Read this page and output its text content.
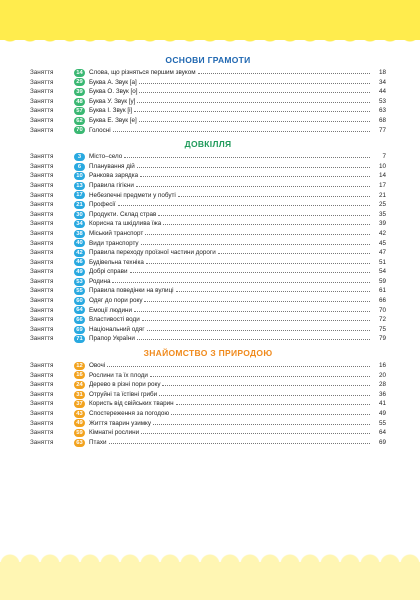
ОСНОВИ ГРАМОТИ
Заняття	14 Слова, що різняться першим звуком	18
Заняття	29 Буква А. Звук [а]	34
Заняття	39 Буква О. Звук [о]	44
Заняття	48 Буква У. Звук [у]	53
Заняття	57 Буква І. Звук [і]	63
Заняття	62 Буква Е. Звук [е]	68
Заняття	70 Голосні	77
ДОВКІЛЛЯ
Заняття	3	Місто–село	7
Заняття	6	Планування дій	10
Заняття	10 Ранкова зарядка	14
Заняття	13 Правила гігієни	17
Заняття	17 Небезпечні предмети у побуті	21
Заняття	21 Професії	25
Заняття	30 Продукти. Склад страв	35
Заняття	34 Корисна та шкідлива їжа	39
Заняття	38 Міський транспорт	42
Заняття	40 Види транспорту	45
Заняття	42 Правила переходу проїзної частини дороги	47
Заняття	46 Будівельна техніка	51
Заняття	49 Добрі справи	54
Заняття	53 Родина	59
Заняття	55 Правила поведінки на вулиці	61
Заняття	60 Одяг до пори року	66
Заняття	64 Емоції людини	70
Заняття	66 Властивості води	72
Заняття	69 Національний одяг	75
Заняття	71 Прапор України	79
ЗНАЙОМСТВО З ПРИРОДОЮ
Заняття	12 Овочі	16
Заняття	16 Рослини та їх плоди	20
Заняття	24 Дерево в різні пори року	28
Заняття	31 Отруйні та їстівні гриби	36
Заняття	37 Користь від свійських тварин	41
Заняття	43 Спостереження за погодою	49
Заняття	49 Життя тварин узимку	55
Заняття	59 Кімнатні рослини	64
Заняття	63 Птахи	69
